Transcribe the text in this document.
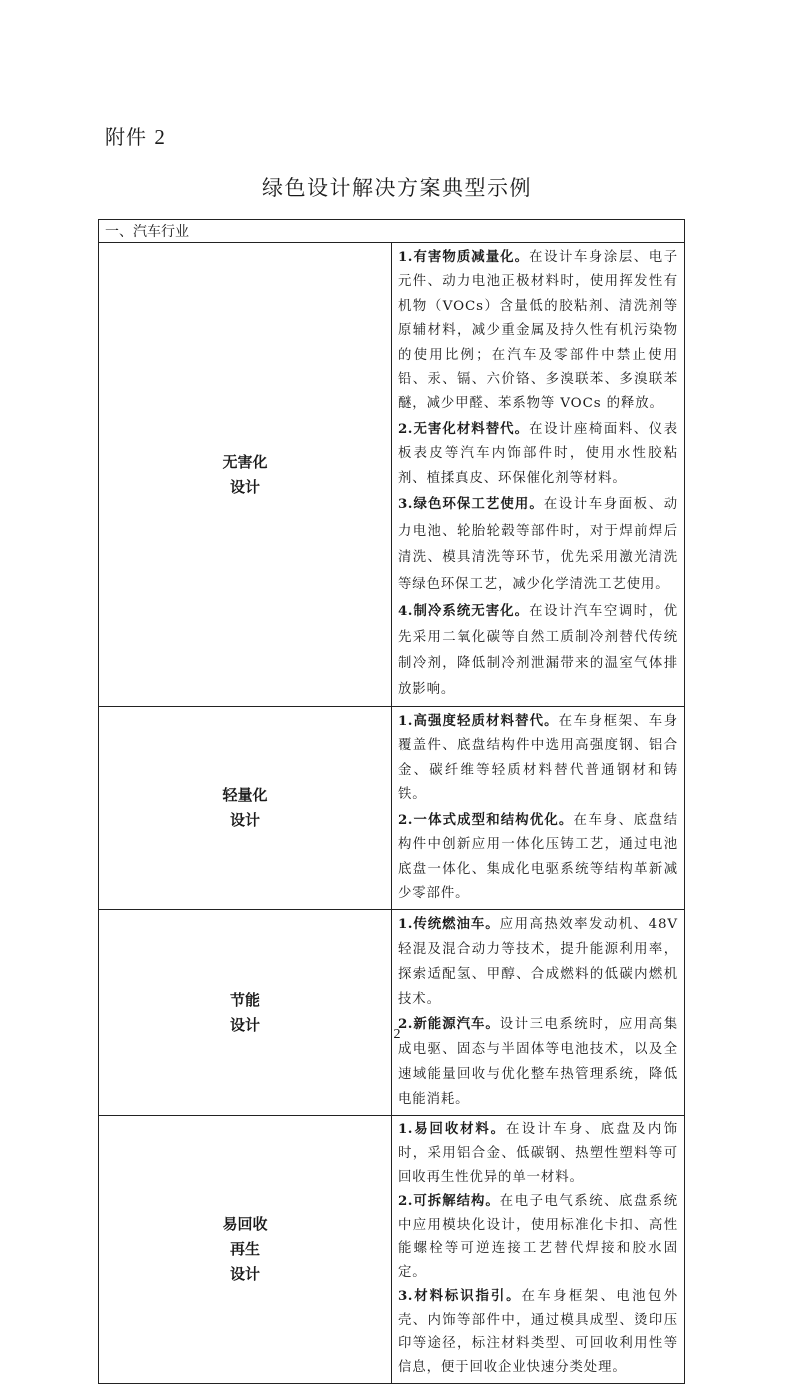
附件 2
绿色设计解决方案典型示例
一、汽车行业	

无害化
设计	1.有害物质减量化。在设计车身涂层、电子元件、动力电池正极材料时，使用挥发性有机物（VOCs）含量低的胶粘剂、清洗剂等原辅材料，减少重金属及持久性有机污染物的使用比例；在汽车及零部件中禁止使用铅、汞、镉、六价铬、多溴联苯、多溴联苯醚，减少甲醛、苯系物等 VOCs 的释放。
2.无害化材料替代。在设计座椅面料、仪表板表皮等汽车内饰部件时，使用水性胶粘剂、植揉真皮、环保催化剂等材料。
3.绿色环保工艺使用。在设计车身面板、动力电池、轮胎轮毂等部件时，对于焊前焊后清洗、模具清洗等环节，优先采用激光清洗等绿色环保工艺，减少化学清洗工艺使用。
4.制冷系统无害化。在设计汽车空调时，优先采用二氧化碳等自然工质制冷剂替代传统制冷剂，降低制冷剂泄漏带来的温室气体排放影响。

轻量化
设计	1.高强度轻质材料替代。在车身框架、车身覆盖件、底盘结构件中选用高强度钢、铝合金、碳纤维等轻质材料替代普通钢材和铸铁。
2.一体式成型和结构优化。在车身、底盘结构件中创新应用一体化压铸工艺，通过电池底盘一体化、集成化电驱系统等结构革新减少零部件。

节能
设计	1.传统燃油车。应用高热效率发动机、48V 轻混及混合动力等技术，提升能源利用率，探索适配氢、甲醇、合成燃料的低碳内燃机技术。
2.新能源汽车。设计三电系统时，应用高集成电驱、固态与半固体等电池技术，以及全速域能量回收与优化整车热管理系统，降低电能消耗。

易回收
再生
设计	1.易回收材料。在设计车身、底盘及内饰时，采用铝合金、低碳钢、热塑性塑料等可回收再生性优异的单一材料。
2.可拆解结构。在电子电气系统、底盘系统中应用模块化设计，使用标准化卡扣、高性能螺栓等可逆连接工艺替代焊接和胶水固定。
3.材料标识指引。在车身框架、电池包外壳、内饰等部件中，通过模具成型、烫印压印等途径，标注材料类型、可回收利用性等信息，便于回收企业快速分类处理。
2
